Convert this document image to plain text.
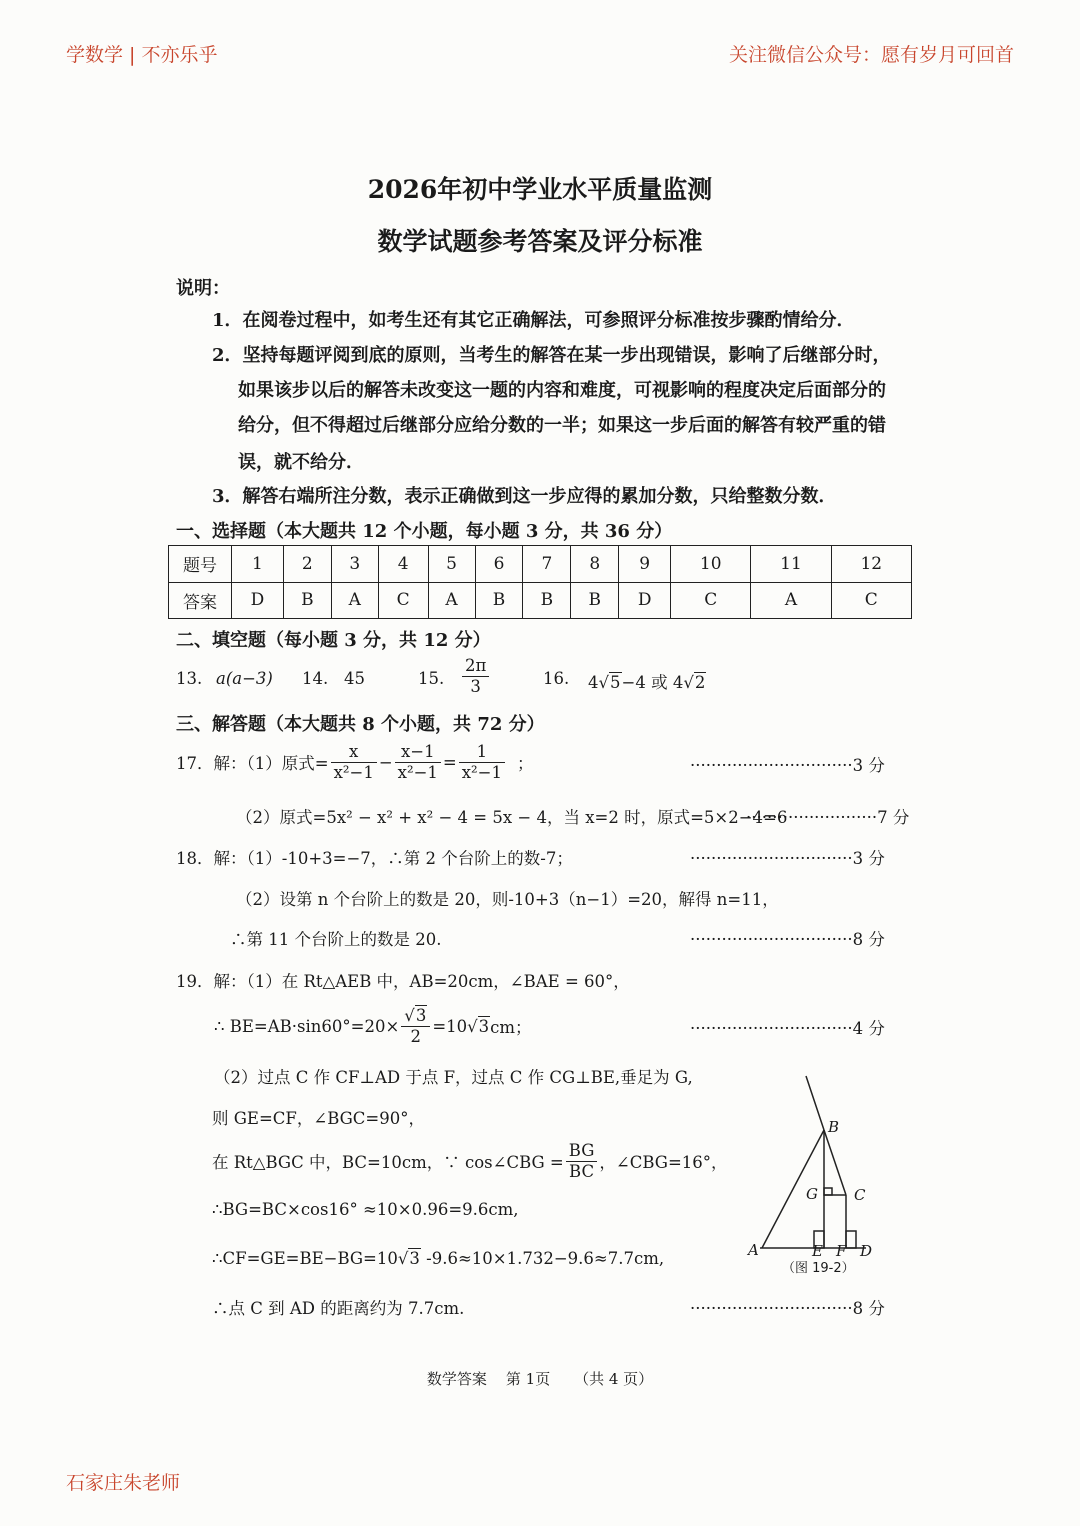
学数学 | 不亦乐乎	关注微信公众号：愿有岁月可回首
2026年初中学业水平质量监测
数学试题参考答案及评分标准
说明：
1．在阅卷过程中，如考生还有其它正确解法，可参照评分标准按步骤酌情给分．
2．坚持每题评阅到底的原则，当考生的解答在某一步出现错误，影响了后继部分时，
如果该步以后的解答未改变这一题的内容和难度，可视影响的程度决定后面部分的
给分，但不得超过后继部分应给分数的一半；如果这一步后面的解答有较严重的错
误，就不给分．
3．解答右端所注分数，表示正确做到这一步应得的累加分数，只给整数分数．
一、选择题（本大题共 12 个小题，每小题 3 分，共 36 分）
题号	1	2	3	4	5	6	7	8	9	10	11	12
答案	D	B	A	C	A	B	B	B	D	C	A	C
二、填空题（每小题 3 分，共 12 分）
13. a(a−3) 14. 45	15. $\frac{2\pi}{3}$	16. 4√5−4 或 4√2
三、解答题（本大题共 8 个小题，共 72 分）
17．解：（1）原式= $\frac{x}{\text{x²−1}} - \frac{x-1}{\text{x²−1}} = \frac{1}{\text{x²−1}}$ ；	·······························3 分
（2）原式=5x² − x² + x² − 4 = 5x − 4，当 x=2 时，原式=5×2−4=6
·························7 分
18．解：（1）-10+3=−7，∴第 2 个台阶上的数-7；	·······························3 分
（2）设第 n 个台阶上的数是 20，则-10+3（n−1）=20，解得 n=11，
∴第 11 个台阶上的数是 20.	·······························8 分
19．解：（1）在 Rt△AEB 中，AB=20cm，∠BAE = 60°，
∴ $BE=AB\cdot\sin 60^\circ=20\times \frac{√3}{2} =10$ √ 3 cm；	·······························4 分
（2）过点 C 作 CF⊥AD 于点 F，过点 C 作 CG⊥BE,垂足为 G,
则 GE=CF，∠BGC=90°，
在 Rt△BGC 中，BC=10cm，∵ cos∠CBG = $\frac{BG}{BC}$ ，∠CBG=16°，
∴BG=BC×cos16° ≈10×0.96=9.6cm,
∴CF=GE=BE−BG=10√3 -9.6≈10×1.732−9.6≈7.7cm,
∴点 C 到 AD 的距离约为 7.7cm.	·······························8 分
B
G C
A	E F D
（图 19-2）
数学答案    第 1页     （共 4 页）
石家庄朱老师
